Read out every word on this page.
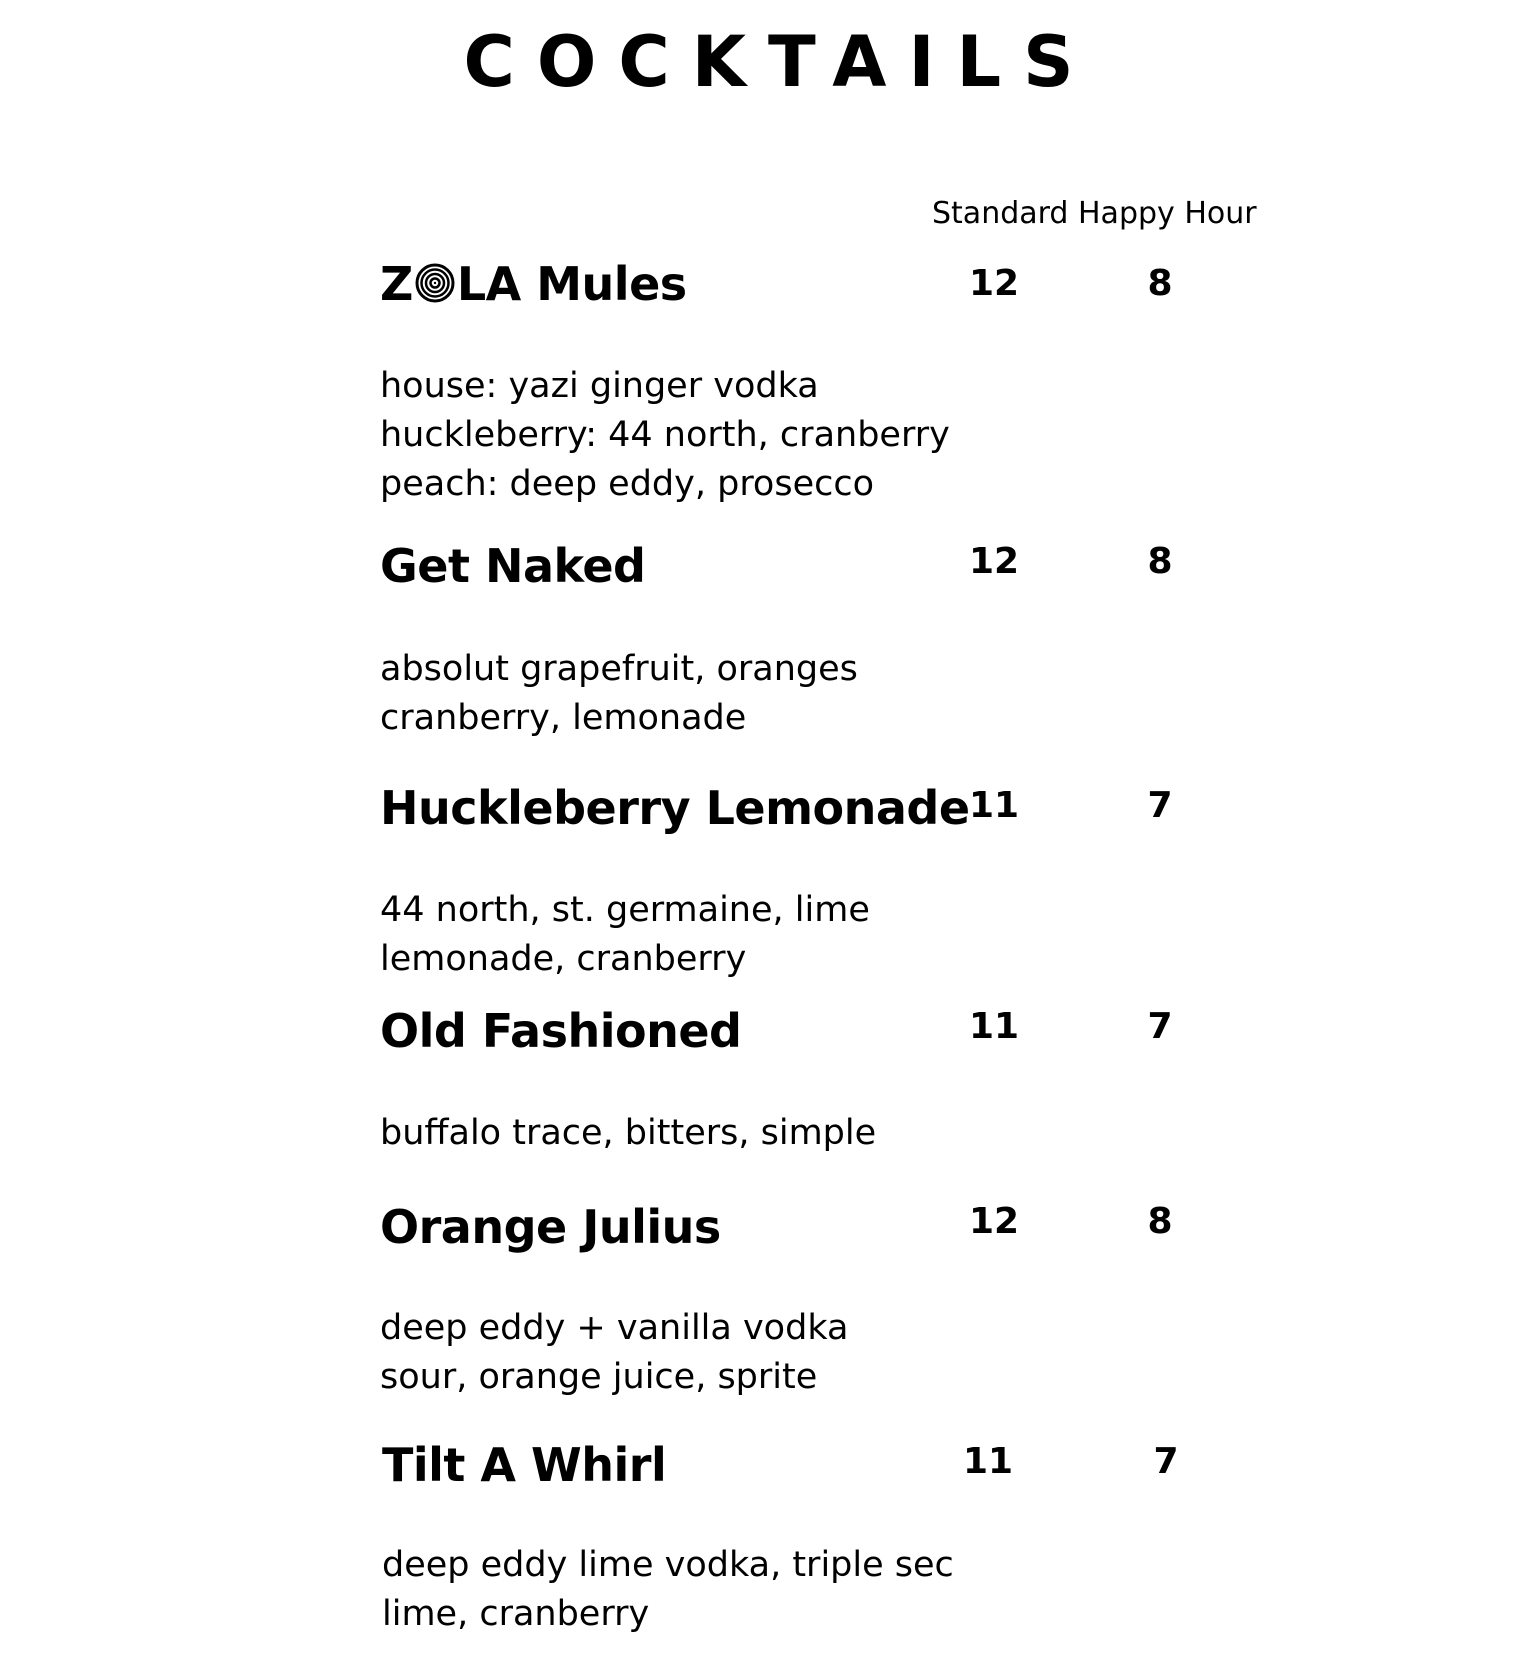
COCKTAILS
Standard Happy Hour
Z LA Mules	12	8
house: yazi ginger vodka
huckleberry: 44 north, cranberry
peach: deep eddy, prosecco
Get Naked	12	8
absolut grapefruit, oranges
cranberry, lemonade
Huckleberry Lemonade 11	7
44 north, st. germaine, lime
lemonade, cranberry
Old Fashioned	11	7
buffalo trace, bitters, simple
Orange Julius	12	8
deep eddy + vanilla vodka
sour, orange juice, sprite
Tilt A Whirl	11	7
deep eddy lime vodka, triple sec
lime, cranberry
